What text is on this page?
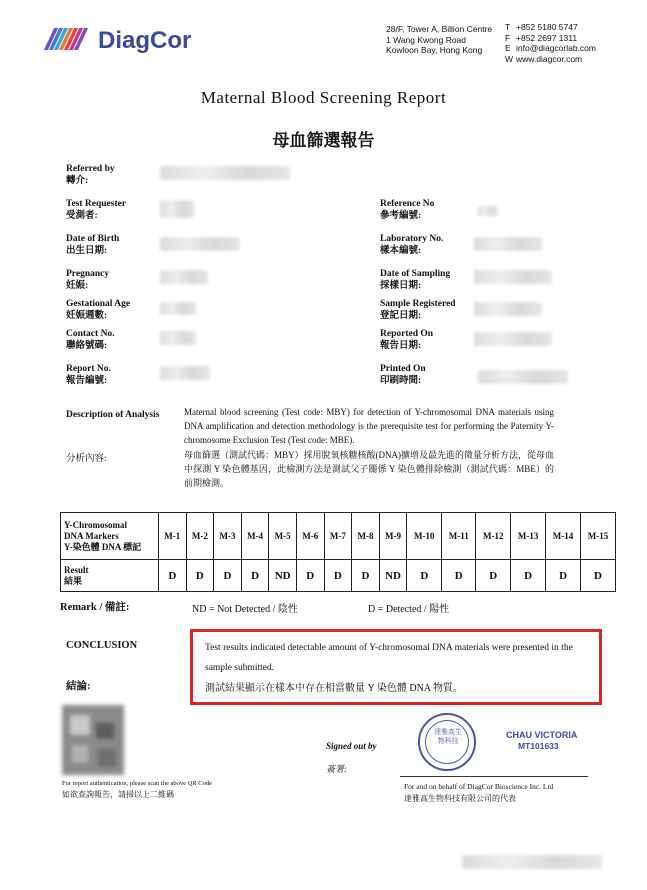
DiagCor	28/F, Tower A, Billion Centre
1 Wang Kwong Road
Kowloon Bay, Hong Kong
T +852 5180 5747
F +852 2697 1311
E info@diagcorlab.com
W www.diagcor.com
Maternal Blood Screening Report
母血篩選報告
Referred by
轉介:
Test Requester
受測者:
Date of Birth
出生日期:
Pregnancy
妊娠:
Gestational Age
妊娠週數:
Contact No.
聯絡號碼:
Report No.
報告編號:
Reference No
參考編號:
Laboratory No.
樣本編號:
Date of Sampling
採樣日期:
Sample Registered
登記日期:
Reported On
報告日期:
Printed On
印刷時間:
Description of Analysis
分析內容:
Maternal blood screening (Test code: MBY) for detection of Y-chromosomal DNA materials using DNA amplification and detection methodology is the prerequisite test for performing the Paternity Y-chromosome Exclusion Test (Test code: MBE).
母血篩選（測試代碼：MBY）採用脫氧核糖核酸(DNA)擴增及最先進的微量分析方法，從母血中探測 Y 染色體基因，此檢測方法是測試父子關係 Y 染色體排除檢測（測試代碼：MBE）的前期檢測。
Y-Chromosomal
DNA Markers
Y-染色體 DNA 標記	M-1	M-2	M-3	M-4	M-5	M-6	M-7	M-8	M-9	M-10	M-11	M-12	M-13	M-14	M-15

Result
結果	D	D	D	D	ND	D	D	D	ND	D	D	D	D	D	D
Remark / 備註:	ND = Not Detected / 陰性	D = Detected / 陽性
CONCLUSION
結論:
Test results indicated detectable amount of Y-chromosomal DNA materials were presented in the sample submitted.
測試結果顯示在樣本中存在相當數量 Y 染色體 DNA 物質。
For report authentication, please scan the above QR Code
如欲查詢報告，請掃以上二維碼
Signed out by
簽署:
達雅高生物科技
CHAU VICTORIA
MT101633
For and on behalf of DiagCor Bioscience Inc. Ltd
達雅高生物科技有限公司的代表
